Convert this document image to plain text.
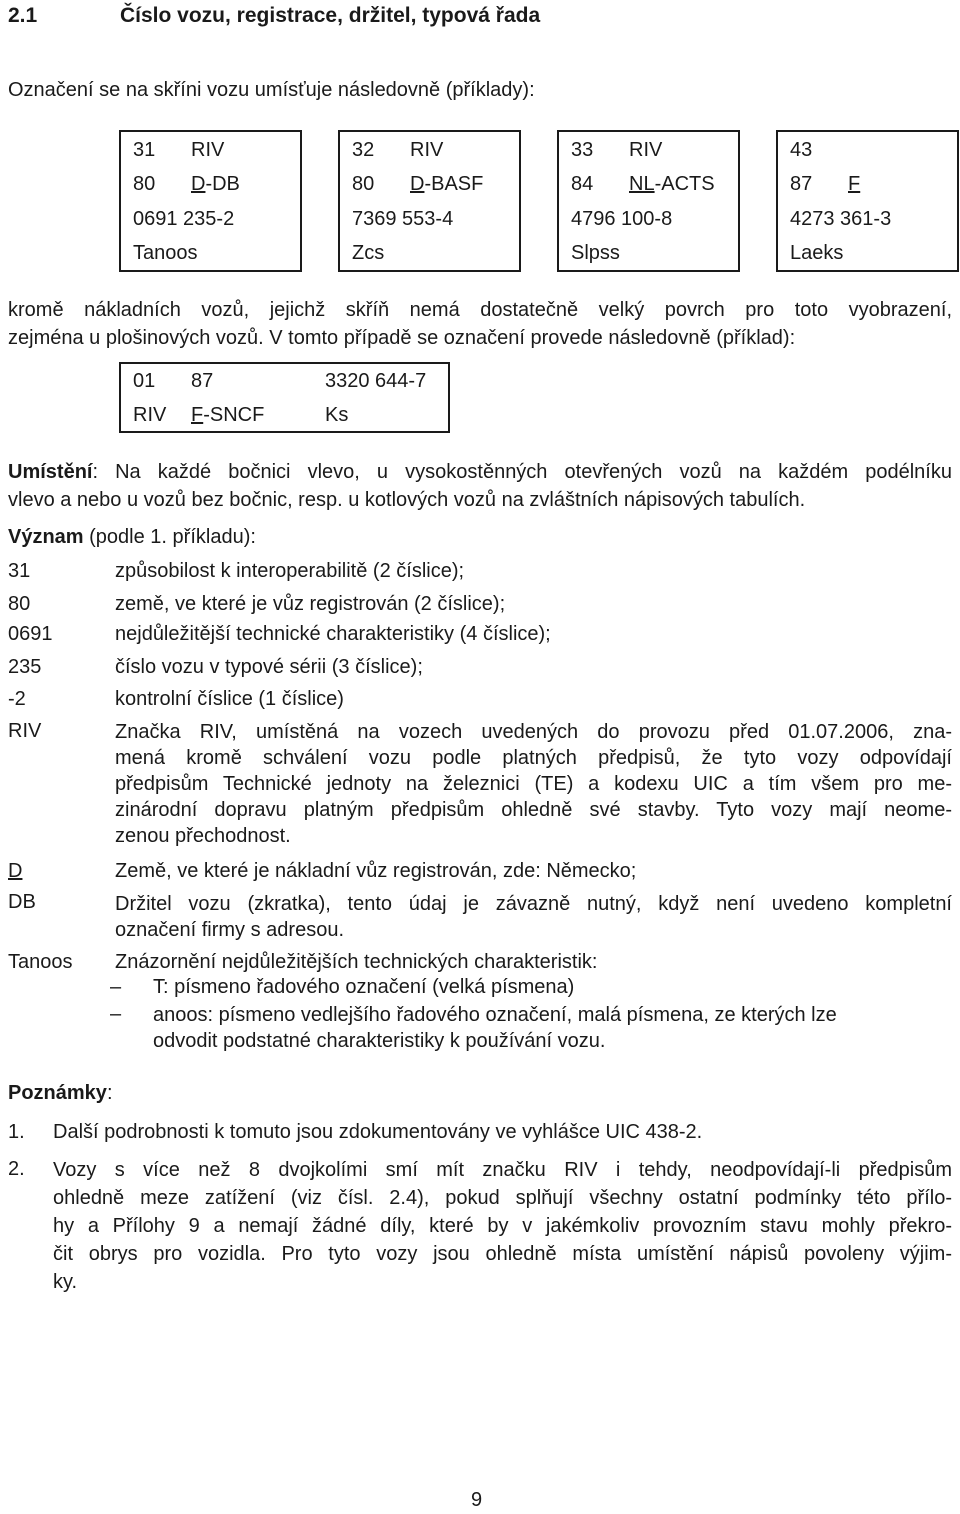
2.1	Číslo vozu, registrace, držitel, typová řada
Označení se na skříni vozu umísťuje následovně (příklady):
31 RIV
80 D-DB
0691 235-2
Tanoos
32 RIV
80 D-BASF
7369 553-4
Zcs
33 RIV
84 NL-ACTS
4796 100-8
Slpss
43
87 F
4273 361-3
Laeks
kromě nákladních vozů, jejichž skříň nemá dostatečně velký povrch pro toto vyobrazení,
zejména u plošinových vozů. V tomto případě se označení provede následovně (příklad):
01 87	3320 644-7
RIV F-SNCF	Ks
Umístění: Na každé bočnici vlevo, u vysokostěnných otevřených vozů na každém podélníku
vlevo a nebo u vozů bez bočnic, resp. u kotlových vozů na zvláštních nápisových tabulích.
Význam (podle 1. příkladu):
31	způsobilost k interoperabilitě (2 číslice);
80	země, ve které je vůz registrován (2 číslice);
0691	nejdůležitější technické charakteristiky (4 číslice);
235	číslo vozu v typové sérii (3 číslice);
-2	kontrolní číslice (1 číslice)
RIV	Značka RIV, umístěná na vozech uvedených do provozu před 01.07.2006, zna-
mená kromě schválení vozu podle platných předpisů, že tyto vozy odpovídají
předpisům Technické jednoty na železnici (TE) a kodexu UIC a tím všem pro me-
zinárodní dopravu platným předpisům ohledně své stavby. Tyto vozy mají neome-
zenou přechodnost.
D	Země, ve které je nákladní vůz registrován, zde: Německo;
DB	Držitel vozu (zkratka), tento údaj je závazně nutný, když není uvedeno kompletní
označení firmy s adresou.
Tanoos Znázornění nejdůležitějších technických charakteristik:
– T: písmeno řadového označení (velká písmena)
– anoos: písmeno vedlejšího řadového označení, malá písmena, ze kterých lze
odvodit podstatné charakteristiky k používání vozu.
Poznámky:
1. Další podrobnosti k tomuto jsou zdokumentovány ve vyhlášce UIC 438-2.
2. Vozy s více než 8 dvojkolími smí mít značku RIV i tehdy, neodpovídají-li předpisům
ohledně meze zatížení (viz čísl. 2.4), pokud splňují všechny ostatní podmínky této přílo-
hy a Přílohy 9 a nemají žádné díly, které by v jakémkoliv provozním stavu mohly překro-
čit obrys pro vozidla. Pro tyto vozy jsou ohledně místa umístění nápisů povoleny výjim-
ky.
9
